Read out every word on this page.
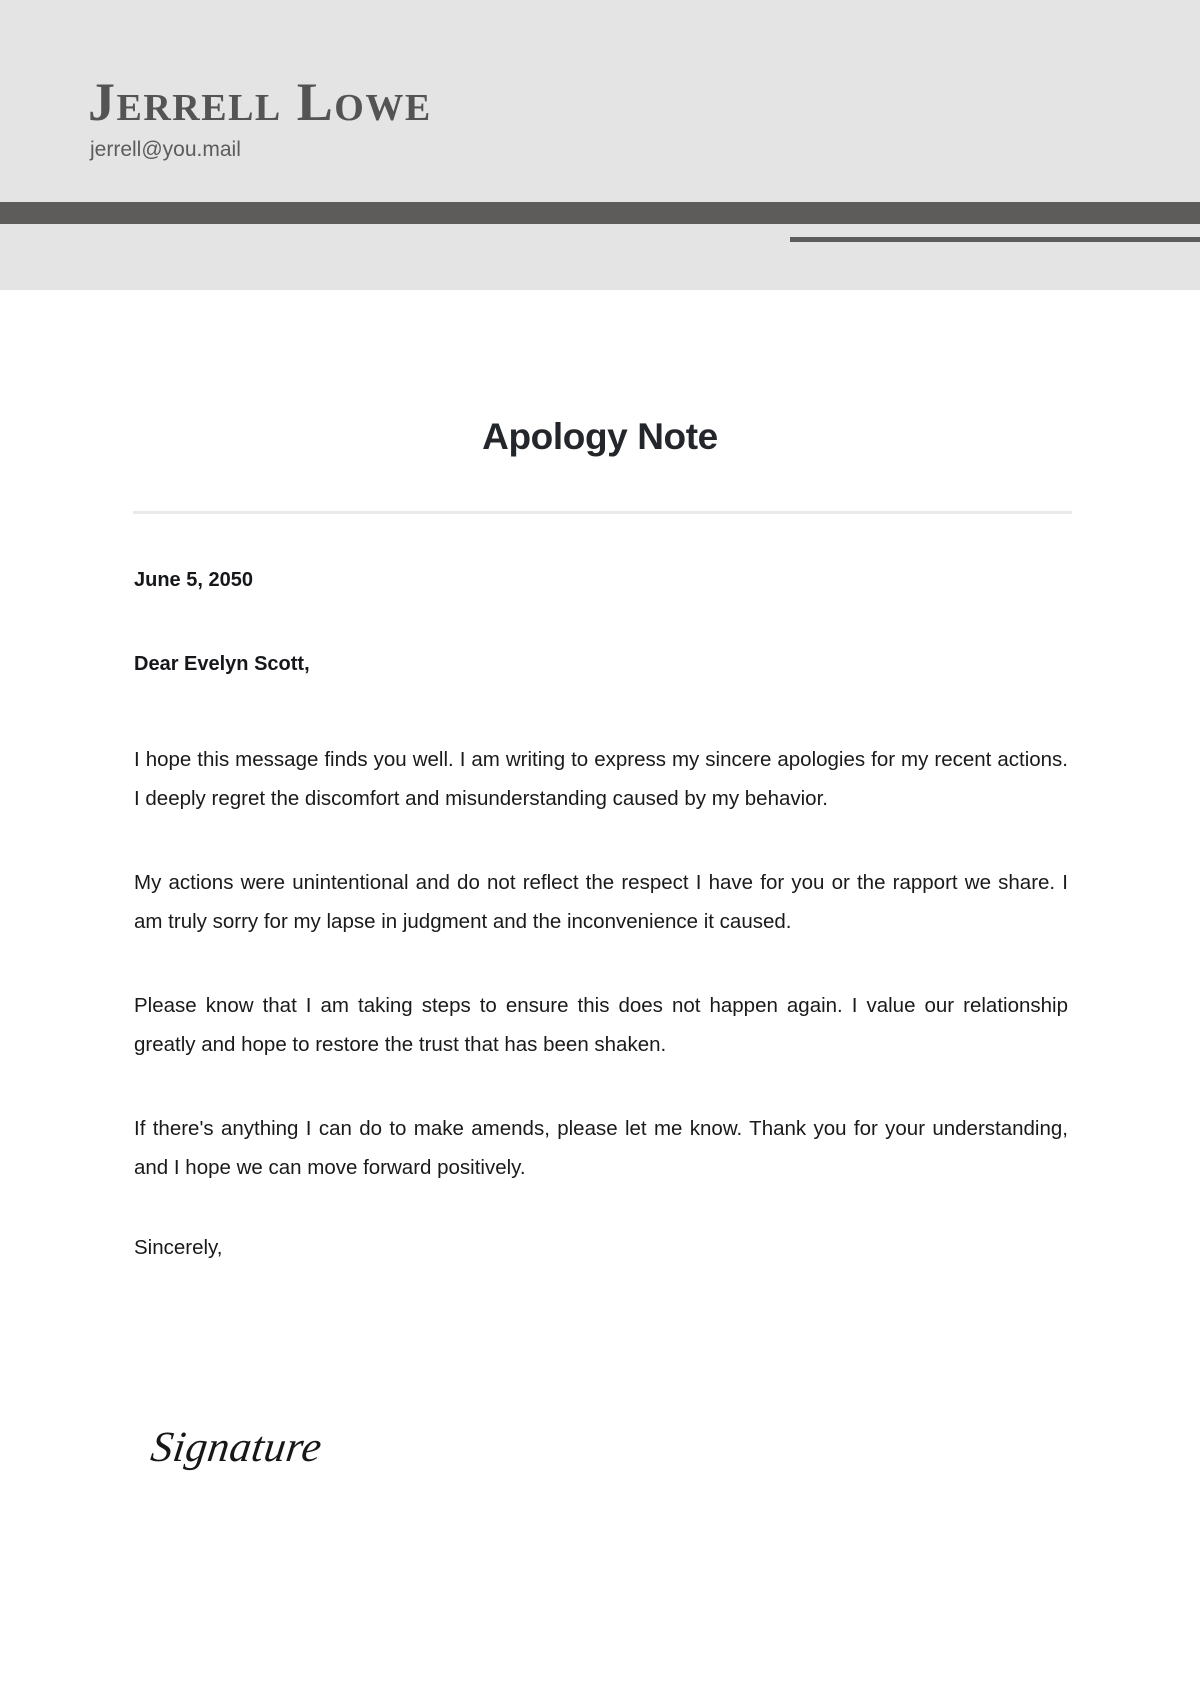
Jerrell Lowe
jerrell@you.mail
Apology Note

June 5, 2050

Dear Evelyn Scott,

I hope this message finds you well. I am writing to express my sincere apologies for my recent actions. I deeply regret the discomfort and misunderstanding caused by my behavior.

My actions were unintentional and do not reflect the respect I have for you or the rapport we share. I am truly sorry for my lapse in judgment and the inconvenience it caused.

Please know that I am taking steps to ensure this does not happen again. I value our relationship greatly and hope to restore the trust that has been shaken.

If there's anything I can do to make amends, please let me know. Thank you for your understanding, and I hope we can move forward positively.

Sincerely,

Signature
